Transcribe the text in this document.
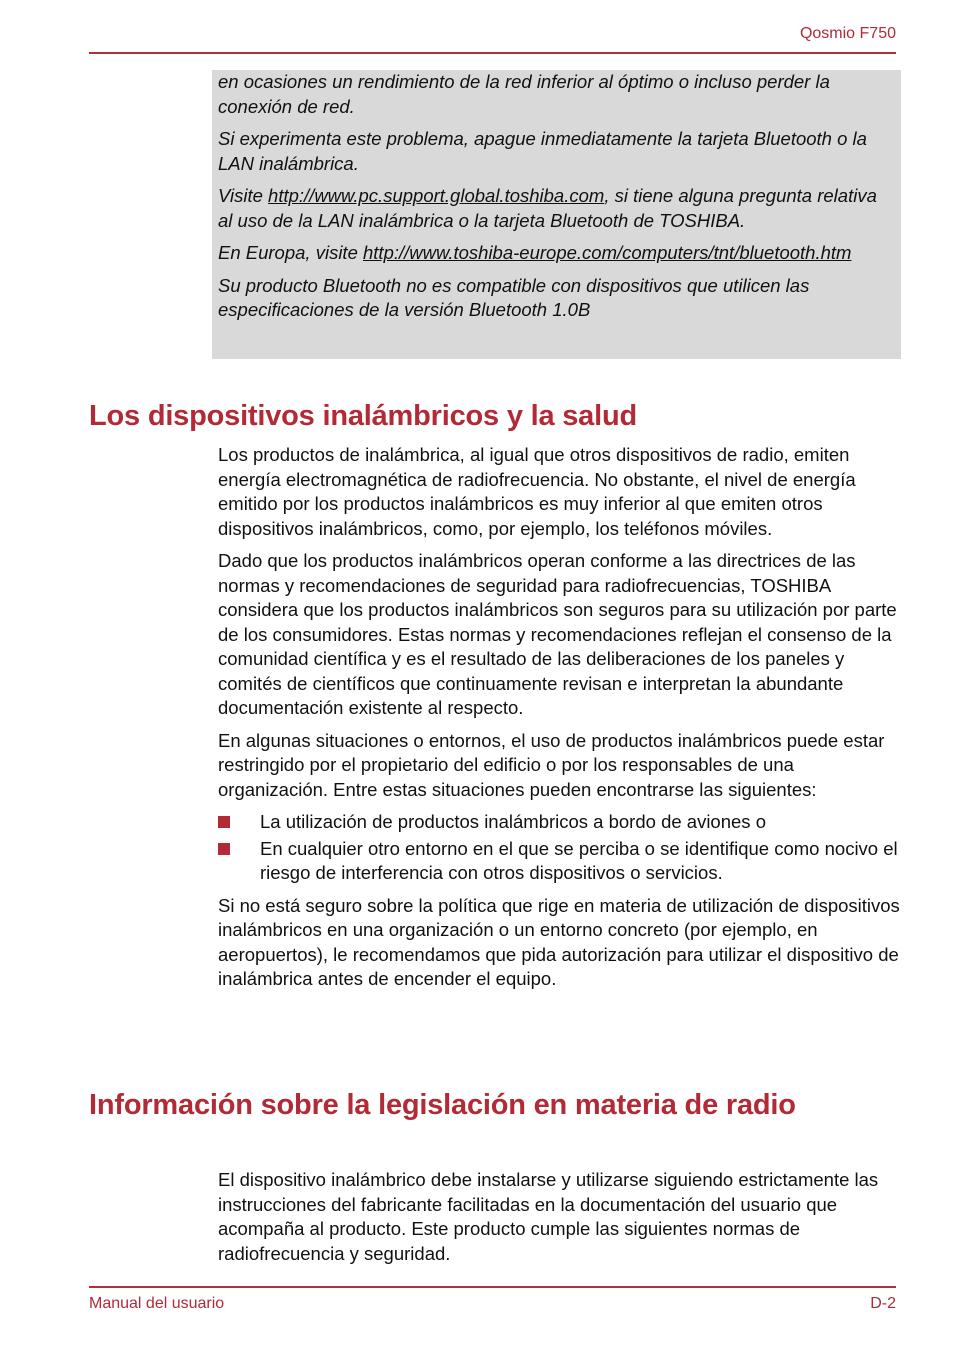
Qosmio F750

en ocasiones un rendimiento de la red inferior al óptimo o incluso perder la conexión de red.

Si experimenta este problema, apague inmediatamente la tarjeta Bluetooth o la LAN inalámbrica.

Visite http://www.pc.support.global.toshiba.com, si tiene alguna pregunta relativa al uso de la LAN inalámbrica o la tarjeta Bluetooth de TOSHIBA.

En Europa, visite http://www.toshiba-europe.com/computers/tnt/bluetooth.htm

Su producto Bluetooth no es compatible con dispositivos que utilicen las especificaciones de la versión Bluetooth 1.0B

Los dispositivos inalámbricos y la salud

Los productos de inalámbrica, al igual que otros dispositivos de radio, emiten energía electromagnética de radiofrecuencia. No obstante, el nivel de energía emitido por los productos inalámbricos es muy inferior al que emiten otros dispositivos inalámbricos, como, por ejemplo, los teléfonos móviles.

Dado que los productos inalámbricos operan conforme a las directrices de las normas y recomendaciones de seguridad para radiofrecuencias, TOSHIBA considera que los productos inalámbricos son seguros para su utilización por parte de los consumidores. Estas normas y recomendaciones reflejan el consenso de la comunidad científica y es el resultado de las deliberaciones de los paneles y comités de científicos que continuamente revisan e interpretan la abundante documentación existente al respecto.

En algunas situaciones o entornos, el uso de productos inalámbricos puede estar restringido por el propietario del edificio o por los responsables de una organización. Entre estas situaciones pueden encontrarse las siguientes:

La utilización de productos inalámbricos a bordo de aviones o
En cualquier otro entorno en el que se perciba o se identifique como nocivo el riesgo de interferencia con otros dispositivos o servicios.

Si no está seguro sobre la política que rige en materia de utilización de dispositivos inalámbricos en una organización o un entorno concreto (por ejemplo, en aeropuertos), le recomendamos que pida autorización para utilizar el dispositivo de inalámbrica antes de encender el equipo.

Información sobre la legislación en materia de radio

El dispositivo inalámbrico debe instalarse y utilizarse siguiendo estrictamente las instrucciones del fabricante facilitadas en la documentación del usuario que acompaña al producto. Este producto cumple las siguientes normas de radiofrecuencia y seguridad.

Manual del usuario	D-2
